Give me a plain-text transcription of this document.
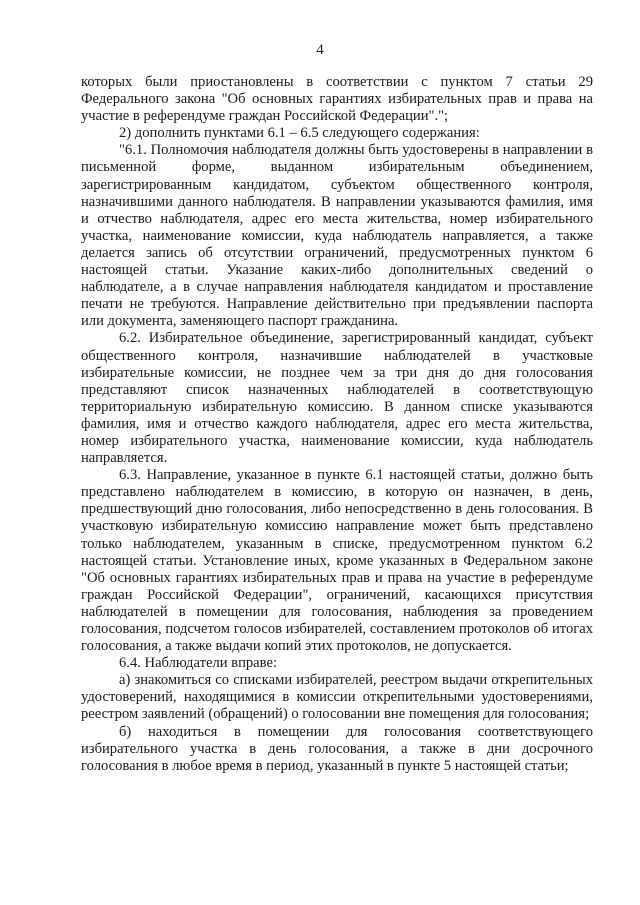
4

которых были приостановлены в соответствии с пунктом 7 статьи 29 Федерального закона "Об основных гарантиях избирательных прав и права на участие в референдуме граждан Российской Федерации".";

2) дополнить пунктами 6.1 – 6.5 следующего содержания:

"6.1. Полномочия наблюдателя должны быть удостоверены в направлении в письменной форме, выданном избирательным объединением, зарегистрированным кандидатом, субъектом общественного контроля, назначившими данного наблюдателя. В направлении указываются фамилия, имя и отчество наблюдателя, адрес его места жительства, номер избирательного участка, наименование комиссии, куда наблюдатель направляется, а также делается запись об отсутствии ограничений, предусмотренных пунктом 6 настоящей статьи. Указание каких-либо дополнительных сведений о наблюдателе, а в случае направления наблюдателя кандидатом и проставление печати не требуются. Направление действительно при предъявлении паспорта или документа, заменяющего паспорт гражданина.

6.2. Избирательное объединение, зарегистрированный кандидат, субъект общественного контроля, назначившие наблюдателей в участковые избирательные комиссии, не позднее чем за три дня до дня голосования представляют список назначенных наблюдателей в соответствующую территориальную избирательную комиссию. В данном списке указываются фамилия, имя и отчество каждого наблюдателя, адрес его места жительства, номер избирательного участка, наименование комиссии, куда наблюдатель направляется.

6.3. Направление, указанное в пункте 6.1 настоящей статьи, должно быть представлено наблюдателем в комиссию, в которую он назначен, в день, предшествующий дню голосования, либо непосредственно в день голосования. В участковую избирательную комиссию направление может быть представлено только наблюдателем, указанным в списке, предусмотренном пунктом 6.2 настоящей статьи. Установление иных, кроме указанных в Федеральном законе "Об основных гарантиях избирательных прав и права на участие в референдуме граждан Российской Федерации", ограничений, касающихся присутствия наблюдателей в помещении для голосования, наблюдения за проведением голосования, подсчетом голосов избирателей, составлением протоколов об итогах голосования, а также выдачи копий этих протоколов, не допускается.

6.4. Наблюдатели вправе:

а) знакомиться со списками избирателей, реестром выдачи открепительных удостоверений, находящимися в комиссии открепительными удостоверениями, реестром заявлений (обращений) о голосовании вне помещения для голосования;

б) находиться в помещении для голосования соответствующего избирательного участка в день голосования, а также в дни досрочного голосования в любое время в период, указанный в пункте 5 настоящей статьи;
